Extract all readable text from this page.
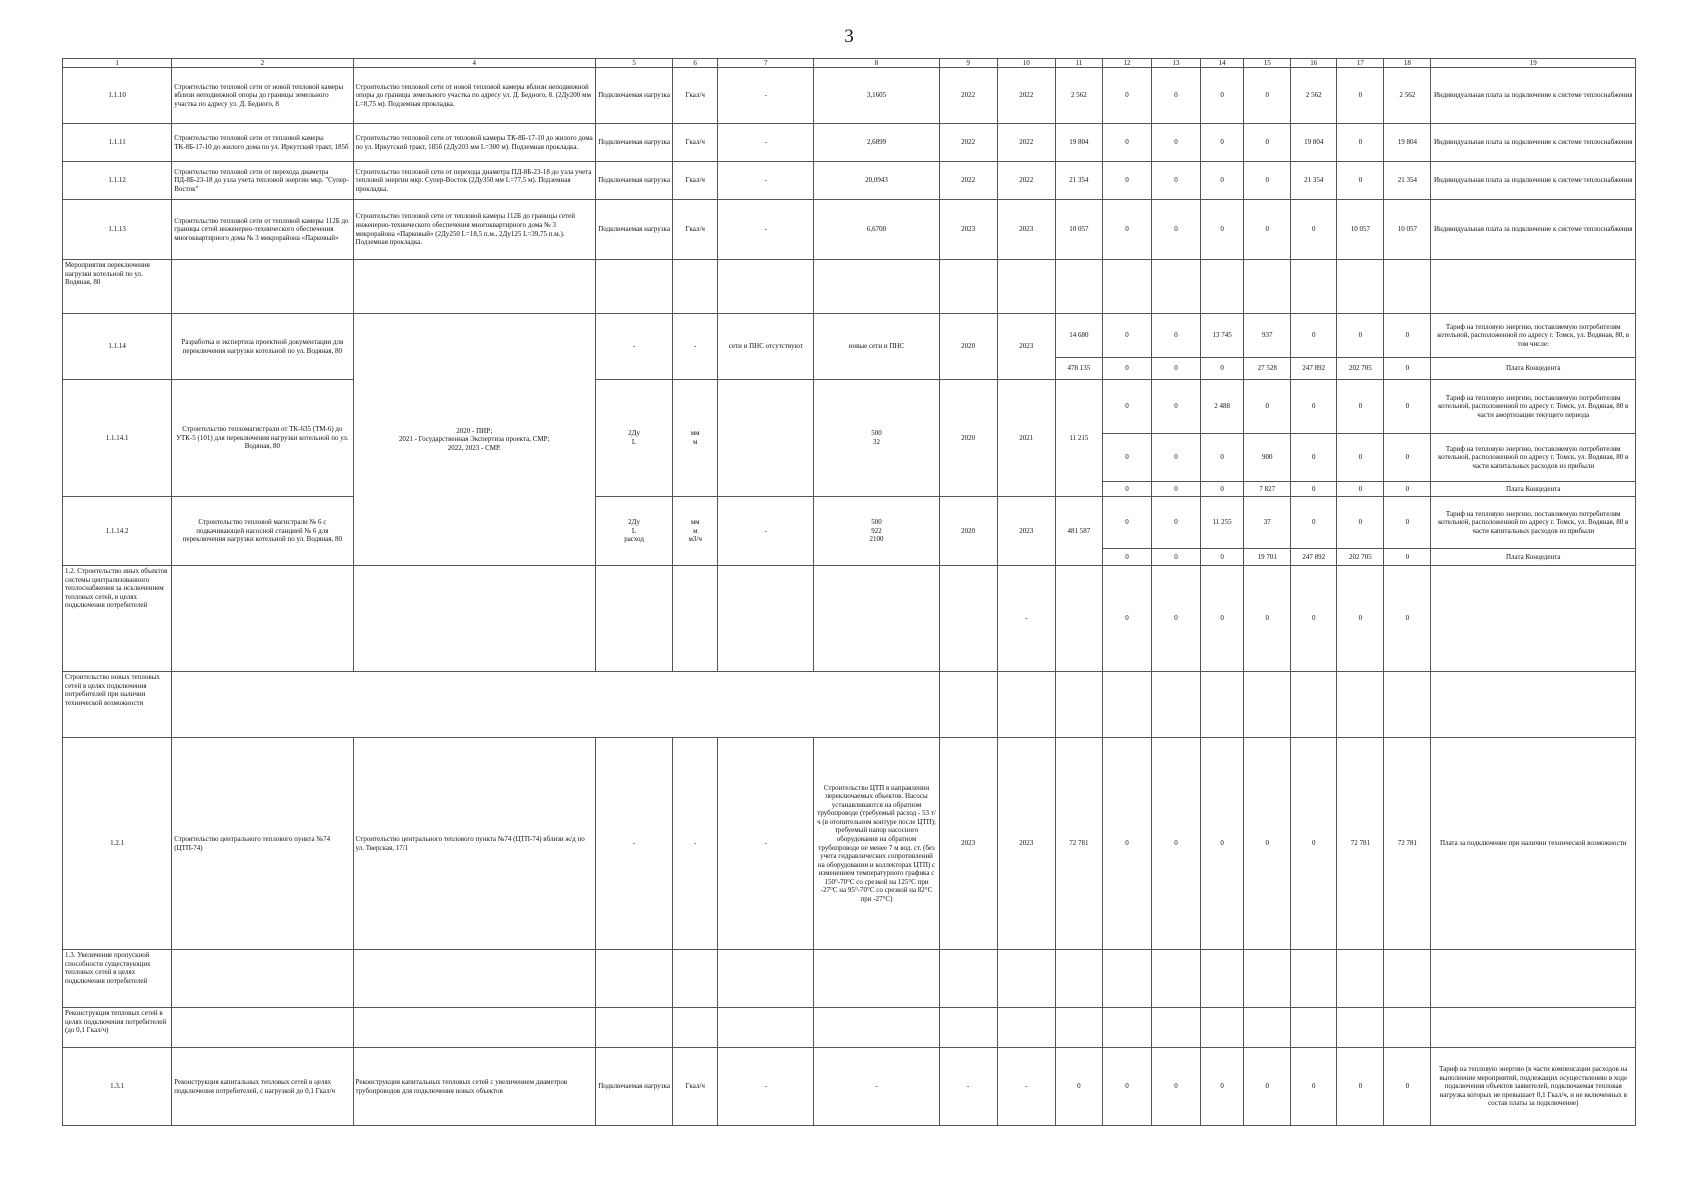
3
1	2	4	5	6	7	8	9	10	11	12	13	14	15	16	17	18	19
1.1.10	Строительство тепловой сети от новой тепловой камеры вблизи неподвижной опоры до границы земельного участка по адресу ул. Д. Бедного, 8	Строительство тепловой сети от новой тепловой камеры вблизи неподвижной опоры до границы земельного участка по адресу ул. Д. Бедного, 8. (2Ду200 мм L=8,75 м). Подземная прокладка.	Подключаемая нагрузка	Гкал/ч	-	3,1605	2022	2022	2 562	0	0	0	0	2 562	0	2 562	Индивидуальная плата за подключение к системе теплоснабжения
1.1.11	Строительство тепловой сети от тепловой камеры ТК-8Б-17-10 до жилого дома по ул. Иркутский тракт, 185б	Строительство тепловой сети от тепловой камеры ТК-8Б-17-10 до жилого дома по ул. Иркутский тракт, 185б (2Ду203 мм L=300 м). Подземная прокладка.	Подключаемая нагрузка	Гкал/ч	-	2,6899	2022	2022	19 804	0	0	0	0	19 804	0	19 804	Индивидуальная плата за подключение к системе теплоснабжения
1.1.12	Строительство тепловой сети от перехода диаметра ПД-8Б-23-18 до узла учета тепловой энергии мкр. "Супер-Восток"	Строительство тепловой сети от перехода диаметра ПД-8Б-23-18 до узла учета тепловой энергии мкр. Супер-Восток (2Ду350 мм L=77,5 м). Подземная прокладка.	Подключаемая нагрузка	Гкал/ч	-	20,0943	2022	2022	21 354	0	0	0	0	21 354	0	21 354	Индивидуальная плата за подключение к системе теплоснабжения
1.1.13	Строительство тепловой сети от тепловой камеры 112Б до границы сетей инженерно-технического обеспечения многоквартирного дома № 3 микрорайона «Парковый»	Строительство тепловой сети от тепловой камеры 112Б до границы сетей инженерно-технического обеспечения многоквартирного дома № 3 микрорайона «Парковый» (2Ду250 L=18,5 п.м., 2Ду125 L=39,75 п.м.). Подземная прокладка.	Подключаемая нагрузка	Гкал/ч	-	6,6700	2023	2023	10 057	0	0	0	0	0	10 057	10 057	Индивидуальная плата за подключение к системе теплоснабжения
Мероприятия переключения нагрузки котельной по ул. Водяная, 80																	
1.1.14	Разработка и экспертиза проектной документации для переключения нагрузки котельной по ул. Водяная, 80	2020 - ПИР;
2021 - Государственная Экспертиза проекта, СМР;
2022, 2023 - СМР.	-	-	сети и ПНС отсутствуют	новые сети и ПНС	2020	2023	14 680	0	0	13 745	937	0	0	0	Тариф на тепловую энергию, поставляемую потребителям котельной, расположенной по адресу г. Томск, ул. Водяная, 80, в том числе:
									478 135	0	0	0	27 528	247 892	202 705	0	Плата Концедента
1.1.14.1	Строительство тепломагистрали от ТК-635 (ТМ-6) до УТК-5 (101) для переключения нагрузки котельной по ул. Водяная, 80		2Ду
L	мм
м		500
32	2020	2021	11 215	0	0	2 488	0	0	0	0	Тариф на тепловую энергию, поставляемую потребителям котельной, расположенной по адресу г. Томск, ул. Водяная, 80 в части амортизации текущего периода
										0	0	0	900	0	0	0	Тариф на тепловую энергию, поставляемую потребителям котельной, расположенной по адресу г. Томск, ул. Водяная, 80 в части капитальных расходов из прибыли
										0	0	0	7 827	0	0	0	Плата Концедента
1.1.14.2	Строительство тепловой магистрали № 6 с подкачивающей насосной станцией № 6 для переключения нагрузки котельной по ул. Водяная, 80		2Ду
L
расход	мм
м
м3/ч	-	500
922
2100	2020	2023	481 587	0	0	11 255	37	0	0	0	Тариф на тепловую энергию, поставляемую потребителям котельной, расположенной по адресу г. Томск, ул. Водяная, 80 в части капитальных расходов из прибыли
										0	0	0	19 701	247 892	202 705	0	Плата Концедента
1.2. Строительство иных объектов системы централизованного теплоснабжения за исключением тепловых сетей, в целях подключения потребителей								-		0	0	0	0	0	0	0	
Строительство новых тепловых сетей в целях подключения потребителей при наличии технической возможности																	
1.2.1	Строительство центрального теплового пункта №74 (ЦТП-74)	Строительство центрального теплового пункта №74 (ЦТП-74) вблизи ж/д по ул. Тверская, 17/1	-	-	-	Строительство ЦТП в направлении переключаемых объектов. Насосы устанавливаются на обратном трубопроводе (требуемый расход - 53 т/ч (в отопительном контуре после ЦТП); требуемый напор насосного оборудования на обратном трубопроводе не менее 7 м вод. ст. (без учета гидравлических сопротивлений на оборудовании и коллекторах ЦТП) с изменением температурного графика с 150°-70°С со срезкой на 125°С при -27°С на 95°-70°С со срезкой на 82°С при -27°С)	2023	2023	72 781	0	0	0	0	0	72 781	72 781	Плата за подключение при наличии технической возможности
1.3. Увеличение пропускной способности существующих тепловых сетей в целях подключения потребителей																	
Реконструкция тепловых сетей в целях подключения потребителей (до 0,1 Гкал/ч)																	
1.3.1	Реконструкция капитальных тепловых сетей в целях подключения потребителей, с нагрузкой до 0,1 Гкал/ч	Реконструкция капитальных тепловых сетей с увеличением диаметров трубопроводов для подключения новых объектов	Подключаемая нагрузка	Гкал/ч	-	-	-	-	0	0	0	0	0	0	0	0	Тариф на тепловую энергию (в части компенсации расходов на выполнение мероприятий, подлежащих осуществлению в ходе подключения объектов заявителей, подключаемая тепловая нагрузка которых не превышает 0,1 Гкал/ч, и не включенных в состав платы за подключение)
